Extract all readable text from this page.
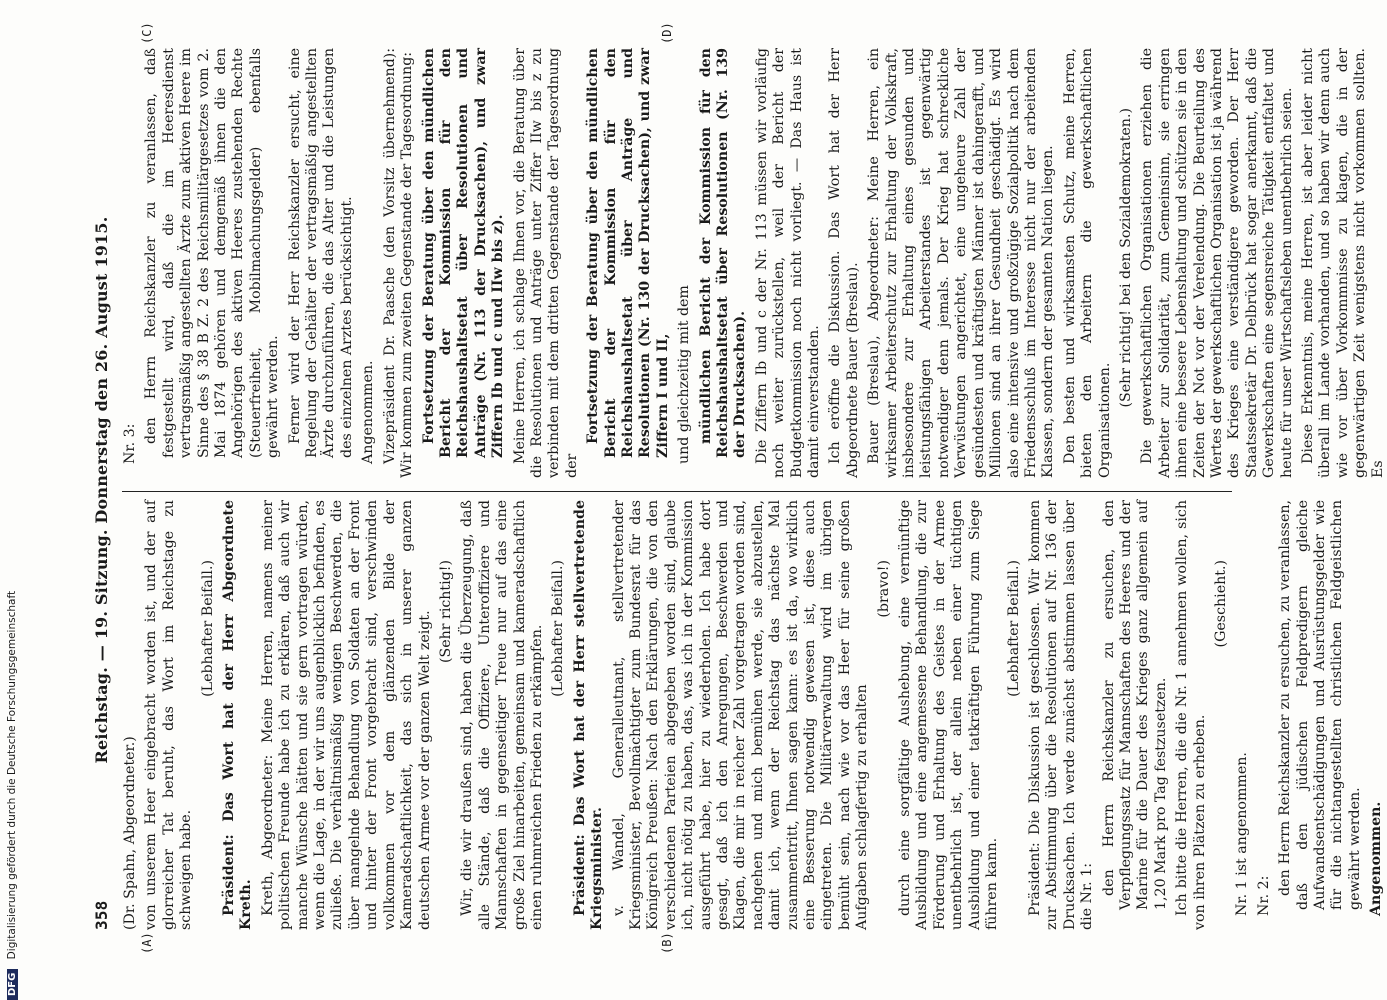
358
Reichstag. — 19. Sitzung. Donnerstag den 26. August 1915.
(A)	(B)
(C)	(D)

(Dr. Spahn, Abgeordneter.) von unserem Heer eingebracht worden ist, und der auf glorreicher Tat beruht, das Wort im Reichstage zu schweigen habe.

(Lebhafter Beifall.) Präsident: Das Wort hat der Herr Abgeordnete Kreth. Kreth, Abgeordneter: Meine Herren, namens meiner politischen Freunde habe ich zu erklären, daß auch wir manche Wünsche hätten und sie gern vortragen würden, wenn die Lage, in der wir uns augenblicklich befinden, es zuließe. Die verhältnismäßig wenigen Beschwerden, die über mangelnde Behandlung von Soldaten an der Front und hinter der Front vorgebracht sind, verschwinden vollkommen vor dem glänzenden Bilde der Kameradschaftlichkeit, das sich in unserer ganzen deutschen Armee vor der ganzen Welt zeigt. (Sehr richtig!) Wir, die wir draußen sind, haben die Überzeugung, daß alle Stände, daß die Offiziere, Unteroffiziere und Mannschaften in gegenseitiger Treue nur auf das eine große Ziel hinarbeiten, gemeinsam und kameradschaftlich einen ruhmreichen Frieden zu erkämpfen. (Lebhafter Beifall.) Präsident: Das Wort hat der Herr stellvertretende Kriegsminister. v. Wandel, Generalleutnant, stellvertretender Kriegsminister, Bevollmächtigter zum Bundesrat für das Königreich Preußen: Nach den Erklärungen, die von den verschiedenen Parteien abgegeben worden sind, glaube ich, nicht nötig zu haben, das, was ich in der Kommission ausgeführt habe, hier zu wiederholen. Ich habe dort gesagt, daß ich den Anregungen, Beschwerden und Klagen, die mir in reicher Zahl vorgetragen worden sind, nachgehen und mich bemühen werde, sie abzustellen, damit ich, wenn der Reichstag das nächste Mal zusammentritt, Ihnen sagen kann: es ist da, wo wirklich eine Besserung notwendig gewesen ist, diese auch eingetreten. Die Militärverwaltung wird im übrigen bemüht sein, nach wie vor das Heer für seine großen Aufgaben schlagfertig zu erhalten

(bravo!) durch eine sorgfältige Aushebung, eine vernünftige Ausbildung und eine angemessene Behandlung, die zur Förderung und Erhaltung des Geistes in der Armee unentbehrlich ist, der allein neben einer tüchtigen Ausbildung und einer tatkräftigen Führung zum Siege führen kann.

(Lebhafter Beifall.) Präsident: Die Diskussion ist geschlossen. Wir kommen zur Abstimmung über die Resolutionen auf Nr. 136 der Drucksachen. Ich werde zunächst abstimmen lassen über die Nr. 1:

den Herrn Reichskanzler zu ersuchen, den Verpflegungssatz für Mannschaften des Heeres und der Marine für die Dauer des Krieges ganz allgemein auf 1,20 Mark pro Tag festzusetzen. Ich bitte die Herren, die die Nr. 1 annehmen wollen, sich von ihren Plätzen zu erheben.

(Geschieht.)

Nr. 1 ist angenommen. Nr. 2: den Herrn Reichskanzler zu ersuchen, zu veranlassen, daß den jüdischen Feldpredigern gleiche Aufwandsentschädigungen und Ausrüstungsgelder wie für die nichtangestellten christlichen Feldgeistlichen gewährt werden. Angenommen.

Nr. 3: den Herrn Reichskanzler zu veranlassen, daß festgestellt wird, daß die im Heeresdienst vertragsmäßig angestellten Ärzte zum aktiven Heere im Sinne des § 38 B Z. 2 des Reichsmilitärgesetzes vom 2. Mai 1874 gehören und demgemäß ihnen die den Angehörigen des aktiven Heeres zustehenden Rechte (Steuerfreiheit, Mobilmachungsgelder) ebenfalls gewährt werden. Ferner wird der Herr Reichskanzler ersucht, eine Regelung der Gehälter der vertragsmäßig angestellten Ärzte durchzuführen, die das Alter und die Leistungen des einzelnen Arztes berücksichtigt. Angenommen. Vizepräsident Dr. Paasche (den Vorsitz übernehmend): Wir kommen zum zweiten Gegenstande der Tagesordnung: Fortsetzung der Beratung über den mündlichen Bericht der Kommission für den Reichshaushaltsetat über Resolutionen und Anträge (Nr. 113 der Drucksachen), und zwar Ziffern Ib und c und IIw bis z). Meine Herren, ich schlage Ihnen vor, die Beratung über die Resolutionen und Anträge unter Ziffer IIw bis z zu verbinden mit dem dritten Gegenstande der Tagesordnung der

Fortsetzung der Beratung über den mündlichen Bericht der Kommission für den Reichshaushaltsetat über Anträge und Resolutionen (Nr. 130 der Drucksachen), und zwar Ziffern I und II, und gleichzeitig mit dem mündlichen Bericht der Kommission für den Reichshaushaltsetat über Resolutionen (Nr. 139 der Drucksachen). Die Ziffern Ib und c der Nr. 113 müssen wir vorläufig noch weiter zurückstellen, weil der Bericht der Budgetkommission noch nicht vorliegt. — Das Haus ist damit einverstanden. Ich eröffne die Diskussion. Das Wort hat der Herr Abgeordnete Bauer (Breslau). Bauer (Breslau), Abgeordneter: Meine Herren, ein wirksamer Arbeiterschutz zur Erhaltung der Volkskraft, insbesondere zur Erhaltung eines gesunden und leistungsfähigen Arbeiterstandes ist gegenwärtig notwendiger denn jemals. Der Krieg hat schreckliche Verwüstungen angerichtet, eine ungeheure Zahl der gesündesten und kräftigsten Männer ist dahingerafft, und Millionen sind an ihrer Gesundheit geschädigt. Es wird also eine intensive und großzügige Sozialpolitik nach dem Friedensschluß im Interesse nicht nur der arbeitenden Klassen, sondern der gesamten Nation liegen. Den besten und wirksamsten Schutz, meine Herren, bieten den Arbeitern die gewerkschaftlichen Organisationen.

(Sehr richtig! bei den Sozialdemokraten.) Die gewerkschaftlichen Organisationen erziehen die Arbeiter zur Solidarität, zum Gemeinsinn, sie erringen ihnen eine bessere Lebenshaltung und schützen sie in den Zeiten der Not vor der Verelendung. Die Beurteilung des Wertes der gewerkschaftlichen Organisation ist ja während des Krieges eine verständigere geworden. Der Herr Staatssekretär Dr. Delbrück hat sogar anerkannt, daß die Gewerkschaften eine segensreiche Tätigkeit entfaltet und heute für unser Wirtschaftsleben unentbehrlich seien. Diese Erkenntnis, meine Herren, ist aber leider nicht überall im Lande vorhanden, und so haben wir denn auch wie vor über Vorkommnisse zu klagen, die in der gegenwärtigen Zeit wenigstens nicht vorkommen sollten. Es

DFG Digitalisierung gefördert durch die Deutsche Forschungsgemeinschaft
